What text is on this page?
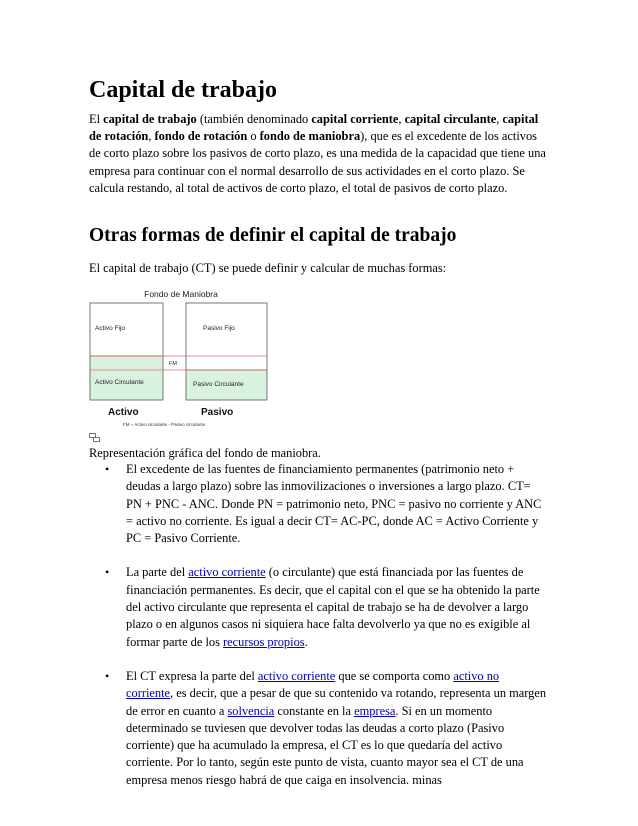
Capital de trabajo

El capital de trabajo (también denominado capital corriente, capital circulante, capital de rotación, fondo de rotación o fondo de maniobra), que es el excedente de los activos de corto plazo sobre los pasivos de corto plazo, es una medida de la capacidad que tiene una empresa para continuar con el normal desarrollo de sus actividades en el corto plazo. Se calcula restando, al total de activos de corto plazo, el total de pasivos de corto plazo.

Otras formas de definir el capital de trabajo

El capital de trabajo (CT) se puede definir y calcular de muchas formas:

Fondo de Maniobra
Activo Fijo
Activo Circulante
Pasivo Fijo
Pasivo Circulante
FM
Activo	Pasivo
FM = Activo circulante - Pasivo circulante

Representación gráfica del fondo de maniobra.

• El excedente de las fuentes de financiamiento permanentes (patrimonio neto + deudas a largo plazo) sobre las inmovilizaciones o inversiones a largo plazo. CT= PN + PNC - ANC. Donde PN = patrimonio neto, PNC = pasivo no corriente y ANC = activo no corriente. Es igual a decir CT= AC-PC, donde AC = Activo Corriente y PC = Pasivo Corriente.
• La parte del activo corriente (o circulante) que está financiada por las fuentes de financiación permanentes. Es decir, que el capital con el que se ha obtenido la parte del activo circulante que representa el capital de trabajo se ha de devolver a largo plazo o en algunos casos ni siquiera hace falta devolverlo ya que no es exigible al formar parte de los recursos propios.
• El CT expresa la parte del activo corriente que se comporta como activo no corriente, es decir, que a pesar de que su contenido va rotando, representa un margen de error en cuanto a solvencia constante en la empresa. Si en un momento determinado se tuviesen que devolver todas las deudas a corto plazo (Pasivo corriente) que ha acumulado la empresa, el CT es lo que quedaría del activo corriente. Por lo tanto, según este punto de vista, cuanto mayor sea el CT de una empresa menos riesgo habrá de que caiga en insolvencia. minas
